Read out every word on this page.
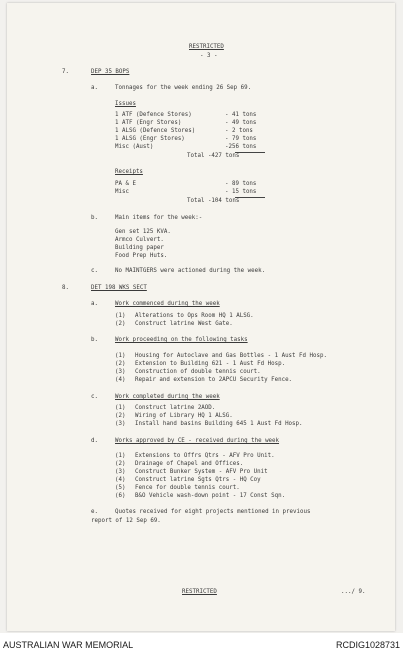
RESTRICTED
- 3 -
7.	DEP 35 BOPS
a.	Tonnages for the week ending 26 Sep 69.
Issues
1 ATF (Defence Stores)	- 41 tons
1 ATF (Engr Stores)	- 49 tons
1 ALSG (Defence Stores)	- 2 tons
1 ALSG (Engr Stores)	- 79 tons
Misc (Aust)	-256 tons
Total -427 tons
Receipts
PA & E	- 89 tons
Misc	- 15 tons
Total -104 tons
b.	Main items for the week:-
Gen set 125 KVA.
Armco Culvert.
Building paper
Food Prep Huts.
c.	No MAINTGERS were actioned during the week.
8.	DET 198 WKS SECT
a.	Work commenced during the week
(1) Alterations to Ops Room HQ 1 ALSG.
(2) Construct latrine West Gate.
b.	Work proceeding on the following tasks
(1) Housing for Autoclave and Gas Bottles - 1 Aust Fd Hosp.
(2) Extension to Building 621 - 1 Aust Fd Hosp.
(3) Construction of double tennis court.
(4) Repair and extension to 2APCU Security Fence.
c.	Work completed during the week
(1) Construct latrine 2AOD.
(2) Wiring of Library HQ 1 ALSG.
(3) Install hand basins Building 645 1 Aust Fd Hosp.
d.	Works approved by CE - received during the week
(1) Extensions to Offrs Qtrs - AFV Pro Unit.
(2) Drainage of Chapel and Offices.
(3) Construct Bunker System - AFV Pro Unit
(4) Construct latrine Sgts Qtrs - HQ Coy
(5) Fence for double tennis court.
(6) B&O Vehicle wash-down point - 17 Const Sqn.
e.	Quotes received for eight projects mentioned in previous
report of 12 Sep 69.
RESTRICTED	.../ 9.
AUSTRALIAN WAR MEMORIAL	RCDIG1028731
